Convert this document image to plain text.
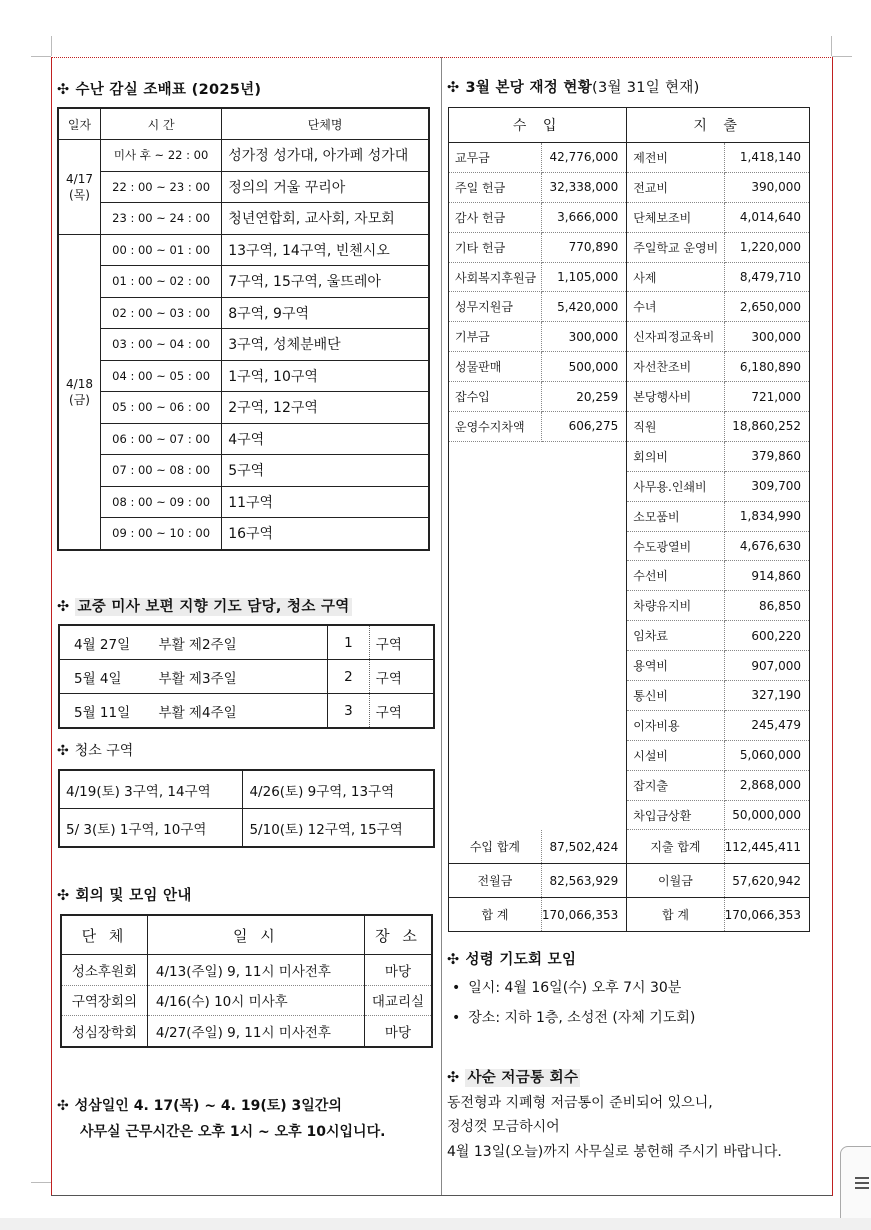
✣ 수난 감실 조배표 (2025년)
일자	시 간	단체명
4/17
(목)	미사 후 ~ 22 : 00	성가정 성가대, 아가페 성가대
	22 : 00 ~ 23 : 00	정의의 거울 꾸리아
	23 : 00 ~ 24 : 00	청년연합회, 교사회, 자모회
4/18
(금)	00 : 00 ~ 01 : 00	13구역, 14구역, 빈첸시오
	01 : 00 ~ 02 : 00	7구역, 15구역, 울뜨레아
	02 : 00 ~ 03 : 00	8구역, 9구역
	03 : 00 ~ 04 : 00	3구역, 성체분배단
	04 : 00 ~ 05 : 00	1구역, 10구역
	05 : 00 ~ 06 : 00	2구역, 12구역
	06 : 00 ~ 07 : 00	4구역
	07 : 00 ~ 08 : 00	5구역
	08 : 00 ~ 09 : 00	11구역
	09 : 00 ~ 10 : 00	16구역
✣ 교중 미사 보편 지향 기도 담당, 청소 구역
4월 27일	부활 제2주일	1	구역
5월 4일	부활 제3주일	2	구역
5월 11일	부활 제4주일	3	구역
✣ 청소 구역
4/19(토) 3구역, 14구역	4/26(토) 9구역, 13구역
5/ 3(토) 1구역, 10구역	5/10(토) 12구역, 15구역
✣ 회의 및 모임 안내
단 체	일 시	장 소
성소후원회	4/13(주일) 9, 11시 미사전후	마당
구역장회의	4/16(수) 10시 미사후	대교리실
성심장학회	4/27(주일) 9, 11시 미사전후	마당
✣ 성삼일인 4. 17(목) ~ 4. 19(토) 3일간의
사무실 근무시간은 오후 1시 ~ 오후 10시입니다.
✣ 3월 본당 재정 현황(3월 31일 현재)
수 입		지 출	
교무금	42,776,000	제전비	1,418,140
주일 헌금	32,338,000	전교비	390,000
감사 헌금	3,666,000	단체보조비	4,014,640
기타 헌금	770,890	주일학교 운영비	1,220,000
사회복지후원금	1,105,000	사제	8,479,710
성무지원금	5,420,000	수녀	2,650,000
기부금	300,000	신자피정교육비	300,000
성물판매	500,000	자선찬조비	6,180,890
잡수입	20,259	본당행사비	721,000
운영수지차액	606,275	직원	18,860,252
		회의비	379,860
		사무용.인쇄비	309,700
		소모품비	1,834,990
		수도광열비	4,676,630
		수선비	914,860
		차량유지비	86,850
		임차료	600,220
		용역비	907,000
		통신비	327,190
		이자비용	245,479
		시설비	5,060,000
		잡지출	2,868,000
		차입금상환	50,000,000
수입 합계	87,502,424	지출 합계	112,445,411
전월금	82,563,929	이월금	57,620,942
합 계	170,066,353	합 계	170,066,353
✣ 성령 기도회 모임
• 일시: 4월 16일(수) 오후 7시 30분
• 장소: 지하 1층, 소성전 (자체 기도회)
✣ 사순 저금통 회수
동전형과 지폐형 저금통이 준비되어 있으니,
정성껏 모금하시어
4월 13일(오늘)까지 사무실로 봉헌해 주시기 바랍니다.
